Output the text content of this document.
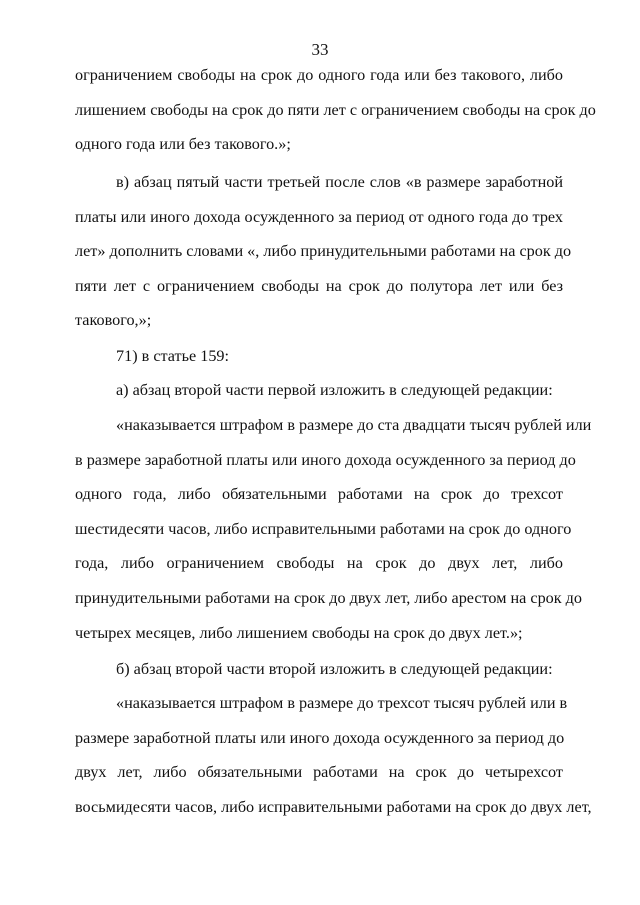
33
ограничением свободы на срок до одного года или без такового, либо
лишением свободы на срок до пяти лет с ограничением свободы на срок до
одного года или без такового.»;
в) абзац пятый части третьей после слов «в размере заработной
платы или иного дохода осужденного за период от одного года до трех
лет» дополнить словами «, либо принудительными работами на срок до
пяти лет с ограничением свободы на срок до полутора лет или без
такового,»;
71) в статье 159:
а) абзац второй части первой изложить в следующей редакции:
«наказывается штрафом в размере до ста двадцати тысяч рублей или
в размере заработной платы или иного дохода осужденного за период до
одного года, либо обязательными работами на срок до трехсот
шестидесяти часов, либо исправительными работами на срок до одного
года, либо ограничением свободы на срок до двух лет, либо
принудительными работами на срок до двух лет, либо арестом на срок до
четырех месяцев, либо лишением свободы на срок до двух лет.»;
б) абзац второй части второй изложить в следующей редакции:
«наказывается штрафом в размере до трехсот тысяч рублей или в
размере заработной платы или иного дохода осужденного за период до
двух лет, либо обязательными работами на срок до четырехсот
восьмидесяти часов, либо исправительными работами на срок до двух лет,
